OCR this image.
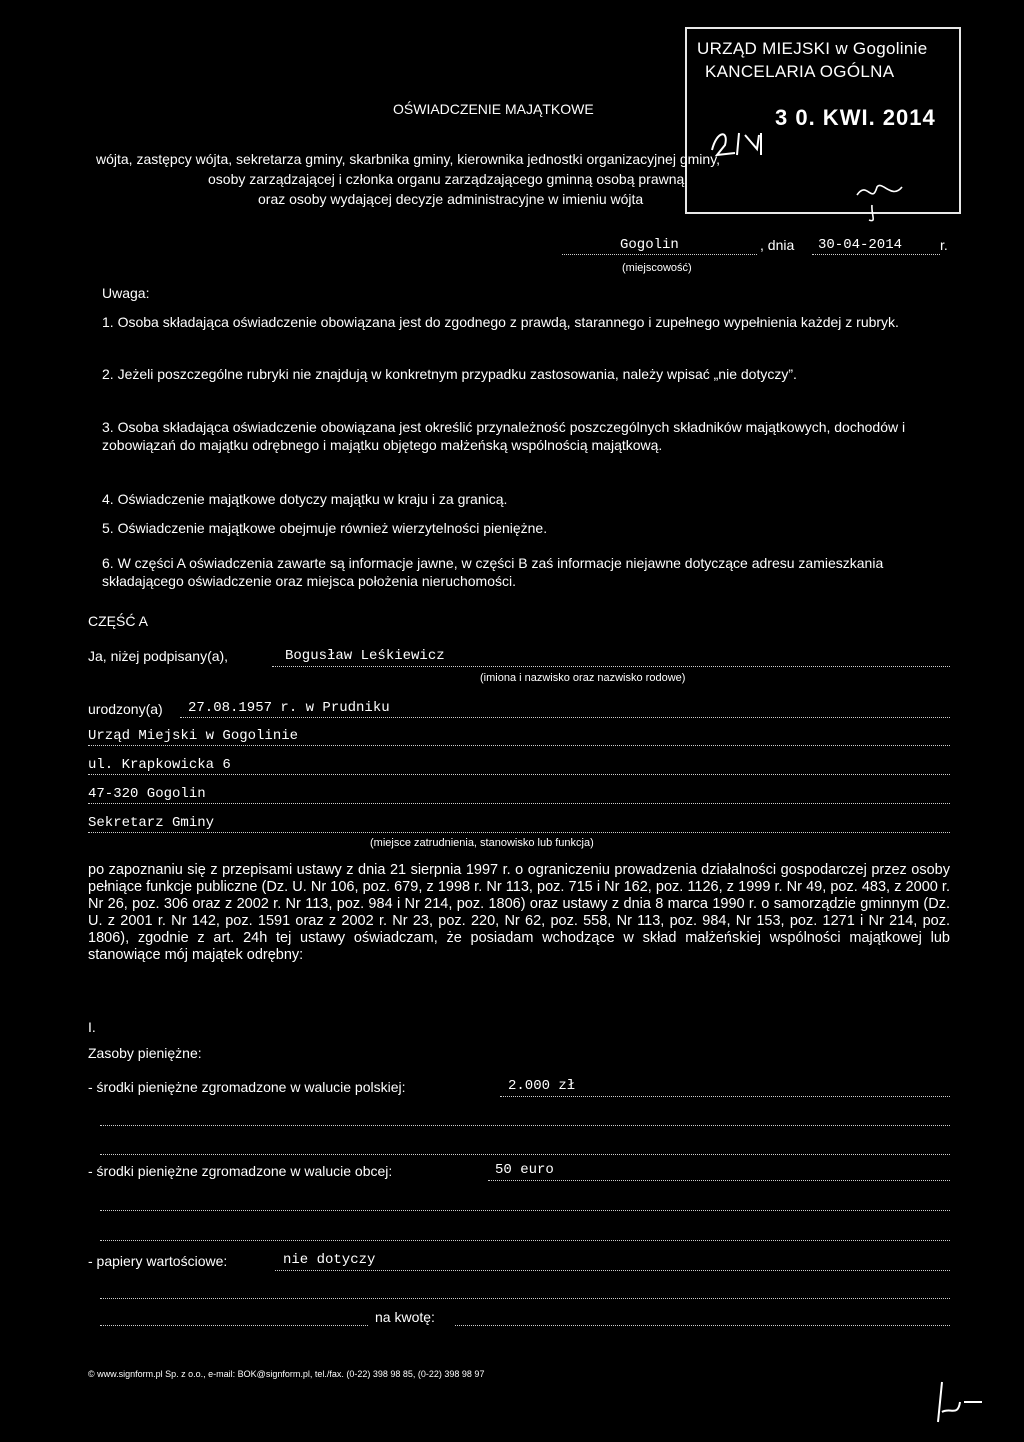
URZĄD MIEJSKI w Gogolinie
KANCELARIA OGÓLNA
3 0. KWI. 2014
OŚWIADCZENIE MAJĄTKOWE
wójta, zastępcy wójta, sekretarza gminy, skarbnika gminy, kierownika jednostki organizacyjnej gminy,
osoby zarządzającej i członka organu zarządzającego gminną osobą prawną
oraz osoby wydającej decyzje administracyjne w imieniu wójta
Gogolin
(miejscowość)
, dnia 30-04-2014	r.
Uwaga:
1. Osoba składająca oświadczenie obowiązana jest do zgodnego z prawdą, starannego i zupełnego wypełnienia każdej z rubryk.
2. Jeżeli poszczególne rubryki nie znajdują w konkretnym przypadku zastosowania, należy wpisać „nie dotyczy”.
3. Osoba składająca oświadczenie obowiązana jest określić przynależność poszczególnych składników majątkowych, dochodów i zobowiązań do majątku odrębnego i majątku objętego małżeńską wspólnością majątkową.
4. Oświadczenie majątkowe dotyczy majątku w kraju i za granicą.
5. Oświadczenie majątkowe obejmuje również wierzytelności pieniężne.
6. W części A oświadczenia zawarte są informacje jawne, w części B zaś informacje niejawne dotyczące adresu zamieszkania składającego oświadczenie oraz miejsca położenia nieruchomości.
CZĘŚĆ A
Ja, niżej podpisany(a),	Bogusław Leśkiewicz
(imiona i nazwisko oraz nazwisko rodowe)
urodzony(a) 27.08.1957 r. w Prudniku
Urząd Miejski w Gogolinie
ul. Krapkowicka 6
47-320 Gogolin
Sekretarz Gminy
(miejsce zatrudnienia, stanowisko lub funkcja)
po zapoznaniu się z przepisami ustawy z dnia 21 sierpnia 1997 r. o ograniczeniu prowadzenia działalności gospodarczej przez osoby pełniące funkcje publiczne (Dz. U. Nr 106, poz. 679, z 1998 r. Nr 113, poz. 715 i Nr 162, poz. 1126, z 1999 r. Nr 49, poz. 483, z 2000 r. Nr 26, poz. 306 oraz z 2002 r. Nr 113, poz. 984 i Nr 214, poz. 1806) oraz ustawy z dnia 8 marca 1990 r. o samorządzie gminnym (Dz. U. z 2001 r. Nr 142, poz. 1591 oraz z 2002 r. Nr 23, poz. 220, Nr 62, poz. 558, Nr 113, poz. 984, Nr 153, poz. 1271 i Nr 214, poz. 1806), zgodnie z art. 24h tej ustawy oświadczam, że posiadam wchodzące w skład małżeńskiej wspólności majątkowej lub stanowiące mój majątek odrębny:
I.
Zasoby pieniężne:
- środki pieniężne zgromadzone w walucie polskiej:	2.000 zł
- środki pieniężne zgromadzone w walucie obcej:	50 euro
- papiery wartościowe:	nie dotyczy
na kwotę:
© www.signform.pl Sp. z o.o., e-mail: BOK@signform.pl, tel./fax. (0-22) 398 98 85, (0-22) 398 98 97
